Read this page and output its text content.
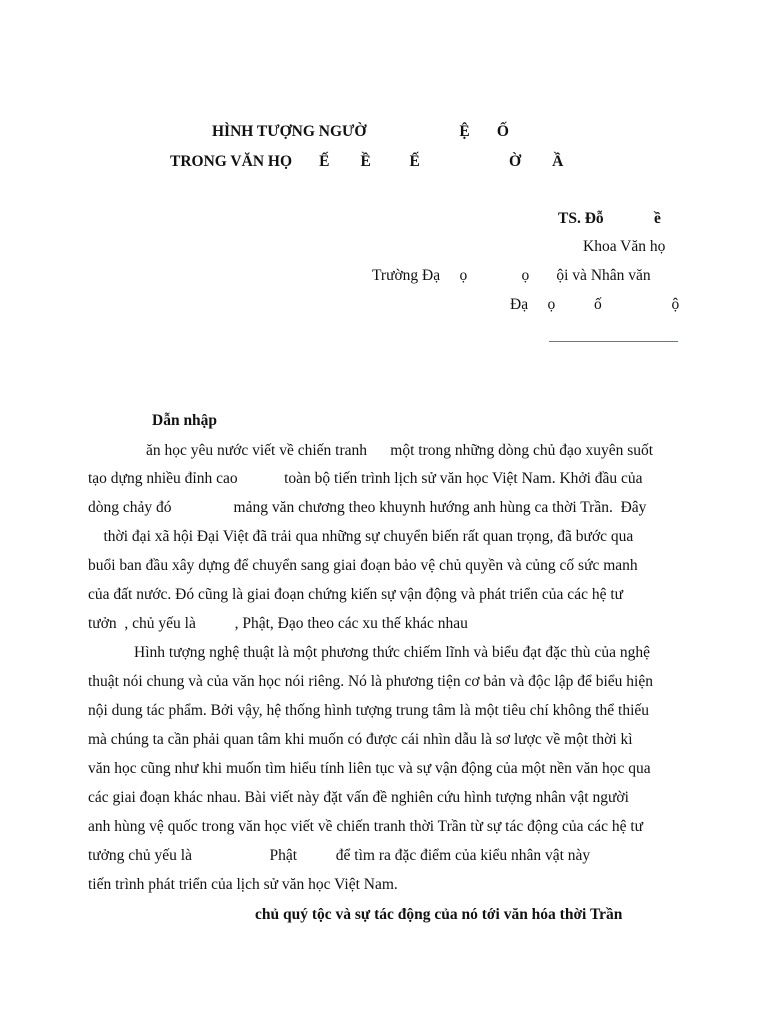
HÌNH TƯỢNG NGƯỜ                        Ệ       Ố
TRONG VĂN HỌ       Ế        Ề          Ế                       Ờ        Ầ
TS. Đỗ             ề
Khoa Văn họ
Trường Đạ     ọ              ọ       ội và Nhân văn
Đạ     ọ          ố                  ộ
Dẫn nhập
ăn học yêu nước viết về chiến tranh      một trong những dòng chủ đạo xuyên suốt
tạo dựng nhiều đỉnh cao            toàn bộ tiến trình lịch sử văn học Việt Nam. Khởi đầu của
dòng chảy đó                mảng văn chương theo khuynh hướng anh hùng ca thời Trần.  Đây
thời đại xã hội Đại Việt đã trải qua những sự chuyển biến rất quan trọng, đã bước qua
buổi ban đầu xây dựng để chuyển sang giai đoạn bảo vệ chủ quyền và củng cố sức manh
của đất nước. Đó cũng là giai đoạn chứng kiến sự vận động và phát triển của các hệ tư
tưởn  , chủ yếu là          , Phật, Đạo theo các xu thế khác nhau
Hình tượng nghệ thuật là một phương thức chiếm lĩnh và biểu đạt đặc thù của nghệ
thuật nói chung và của văn học nói riêng. Nó là phương tiện cơ bản và độc lập để biểu hiện
nội dung tác phẩm. Bởi vậy, hệ thống hình tượng trung tâm là một tiêu chí không thể thiếu
mà chúng ta cần phải quan tâm khi muốn có được cái nhìn dẫu là sơ lược về một thời kì
văn học cũng như khi muốn tìm hiểu tính liên tục và sự vận động của một nền văn học qua
các giai đoạn khác nhau. Bài viết này đặt vấn đề nghiên cứu hình tượng nhân vật người
anh hùng vệ quốc trong văn học viết về chiến tranh thời Trần từ sự tác động của các hệ tư
tưởng chủ yếu là                    Phật          để tìm ra đặc điểm của kiểu nhân vật này
tiến trình phát triển của lịch sử văn học Việt Nam.
chủ quý tộc và sự tác động của nó tới văn hóa thời Trần
